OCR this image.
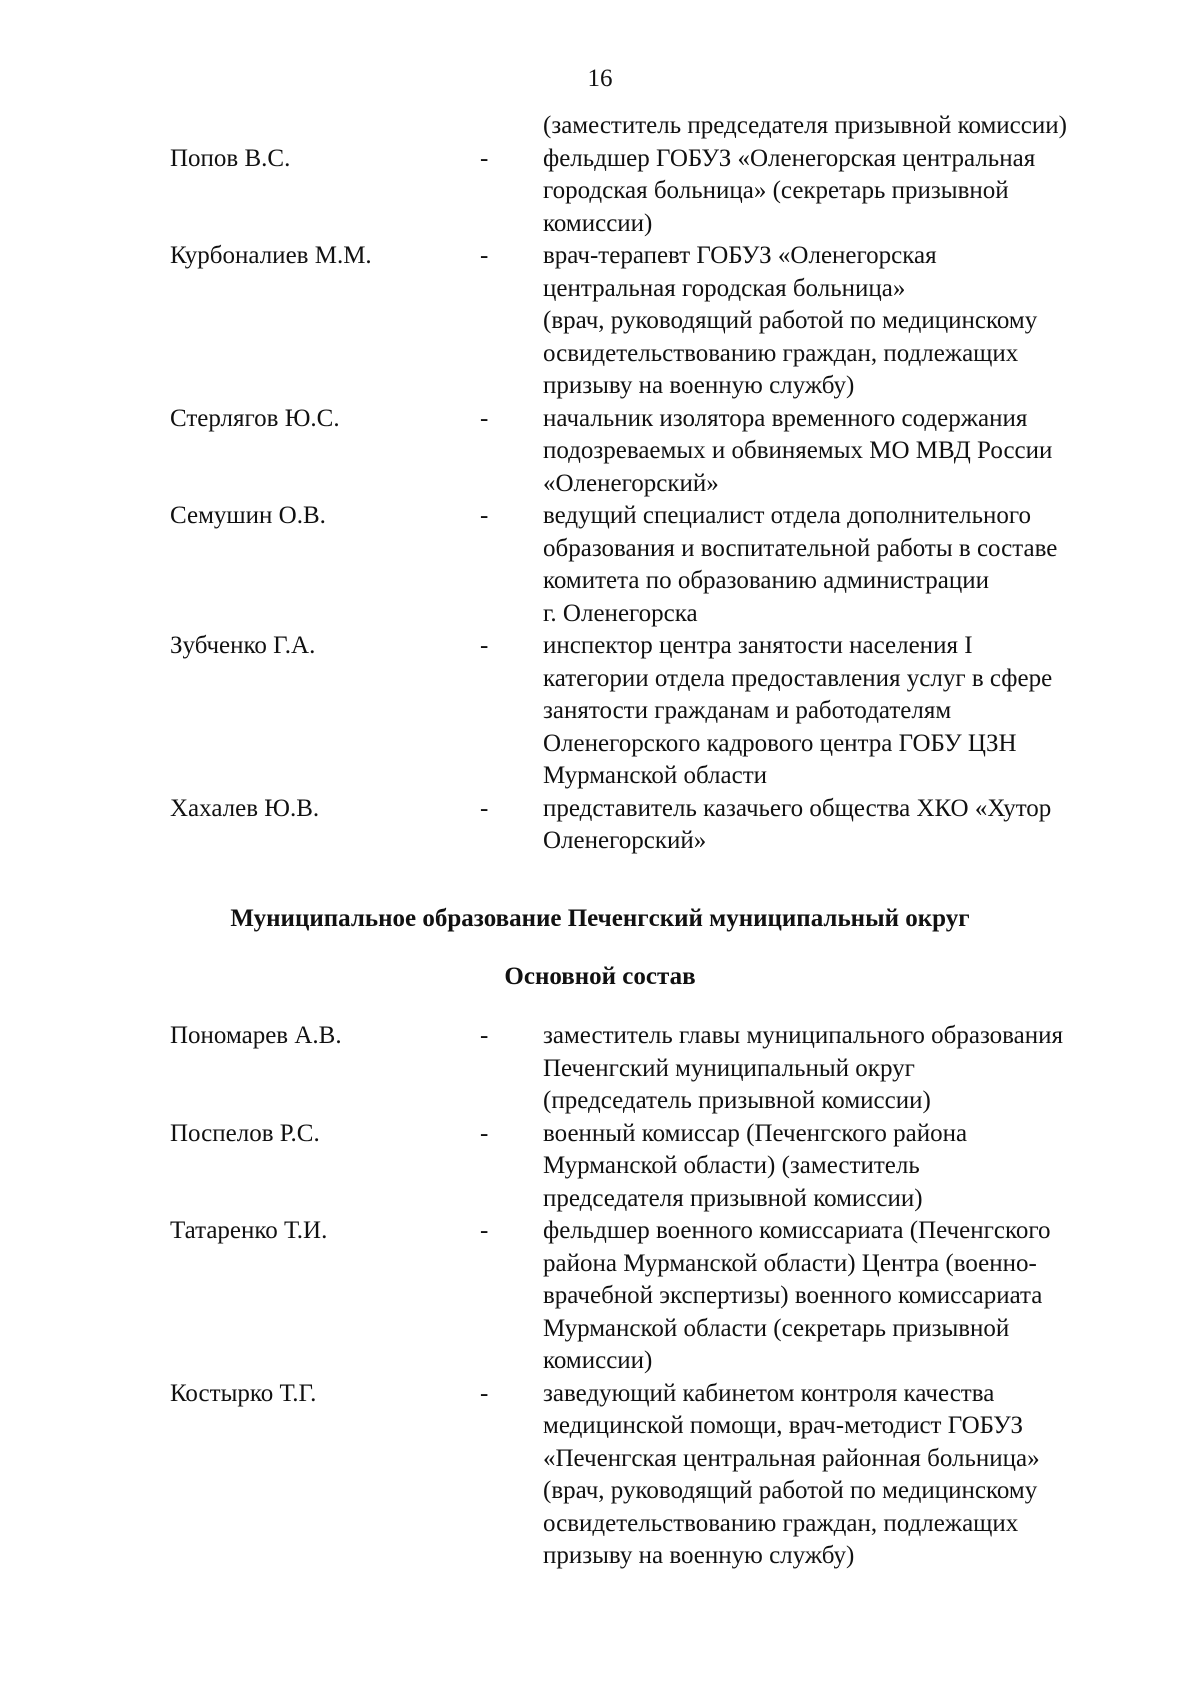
16
(заместитель председателя призывной комиссии)
Попов В.С.	-	фельдшер ГОБУЗ «Оленегорская центральная
городская больница» (секретарь призывной
комиссии)
Курбоналиев М.М.	-	врач-терапевт ГОБУЗ «Оленегорская
центральная городская больница»
(врач, руководящий работой по медицинскому
освидетельствованию граждан, подлежащих
призыву на военную службу)
Стерлягов Ю.С.	-	начальник изолятора временного содержания
подозреваемых и обвиняемых МО МВД России
«Оленегорский»
Семушин О.В.	-	ведущий специалист отдела дополнительного
образования и воспитательной работы в составе
комитета по образованию администрации
г. Оленегорска
Зубченко Г.А.	-	инспектор центра занятости населения I
категории отдела предоставления услуг в сфере
занятости гражданам и работодателям
Оленегорского кадрового центра ГОБУ ЦЗН
Мурманской области
Хахалев Ю.В.	-	представитель казачьего общества ХКО «Хутор
Оленегорский»
Муниципальное образование Печенгский муниципальный округ
Основной состав
Пономарев А.В.	-	заместитель главы муниципального образования
Печенгский муниципальный округ
(председатель призывной комиссии)
Поспелов Р.С.	-	военный комиссар (Печенгского района
Мурманской области) (заместитель
председателя призывной комиссии)
Татаренко Т.И.	-	фельдшер военного комиссариата (Печенгского
района Мурманской области) Центра (военно-
врачебной экспертизы) военного комиссариата
Мурманской области (секретарь призывной
комиссии)
Костырко Т.Г.	-	заведующий кабинетом контроля качества
медицинской помощи, врач-методист ГОБУЗ
«Печенгская центральная районная больница»
(врач, руководящий работой по медицинскому
освидетельствованию граждан, подлежащих
призыву на военную службу)
